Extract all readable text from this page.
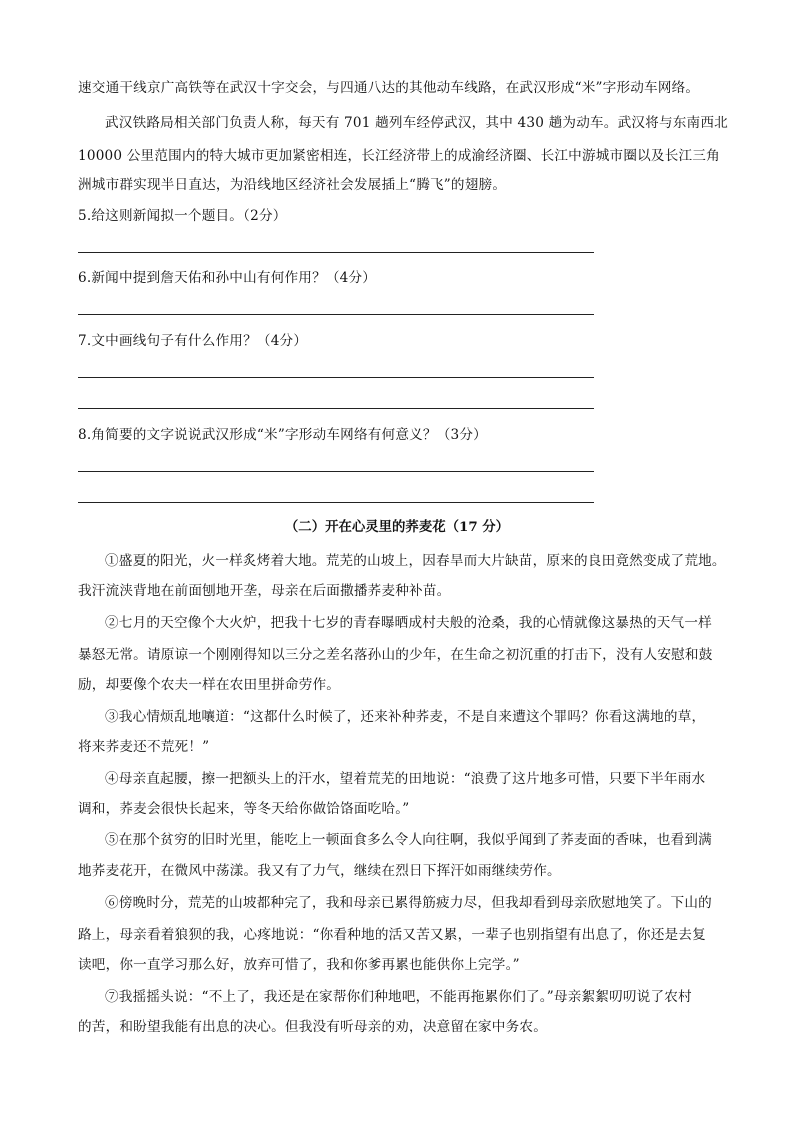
速交通干线京广高铁等在武汉十字交会，与四通八达的其他动车线路，在武汉形成“米”字形动车网络。
武汉铁路局相关部门负责人称，每天有 701 趟列车经停武汉，其中 430 趟为动车。武汉将与东南西北
10000 公里范围内的特大城市更加紧密相连，长江经济带上的成渝经济圈、长江中游城市圈以及长江三角
洲城市群实现半日直达，为沿线地区经济社会发展插上“腾飞”的翅膀。
5.给这则新闻拟一个题目。（2分）
6.新闻中提到詹天佑和孙中山有何作用？（4分）
7.文中画线句子有什么作用？（4分）
8.角简要的文字说说武汉形成“米”字形动车网络有何意义？（3分）
（二）开在心灵里的荞麦花（17 分）
①盛夏的阳光，火一样炙烤着大地。荒芜的山坡上，因春旱而大片缺苗，原来的良田竟然变成了荒地。
我汗流浃背地在前面刨地开垄，母亲在后面撒播荞麦种补苗。
②七月的天空像个大火炉，把我十七岁的青春曝晒成村夫般的沧桑，我的心情就像这暴热的天气一样
暴怒无常。请原谅一个刚刚得知以三分之差名落孙山的少年，在生命之初沉重的打击下，没有人安慰和鼓
励，却要像个农夫一样在农田里拼命劳作。
③我心情烦乱地嚷道：“这都什么时候了，还来补种荞麦，不是自来遭这个罪吗？你看这满地的草，
将来荞麦还不荒死！”
④母亲直起腰，擦一把额头上的汗水，望着荒芜的田地说：“浪费了这片地多可惜，只要下半年雨水
调和，荞麦会很快长起来，等冬天给你做饸饹面吃哈。”
⑤在那个贫穷的旧时光里，能吃上一顿面食多么令人向往啊，我似乎闻到了荞麦面的香味，也看到满
地荞麦花开，在微风中荡漾。我又有了力气，继续在烈日下挥汗如雨继续劳作。
⑥傍晚时分，荒芜的山坡都种完了，我和母亲已累得筋疲力尽，但我却看到母亲欣慰地笑了。下山的
路上，母亲看着狼狈的我，心疼地说：“你看种地的活又苦又累，一辈子也别指望有出息了，你还是去复
读吧，你一直学习那么好，放弃可惜了，我和你爹再累也能供你上完学。”
⑦我摇摇头说：“不上了，我还是在家帮你们种地吧，不能再拖累你们了。”母亲絮絮叨叨说了农村
的苦，和盼望我能有出息的决心。但我没有听母亲的劝，决意留在家中务农。
